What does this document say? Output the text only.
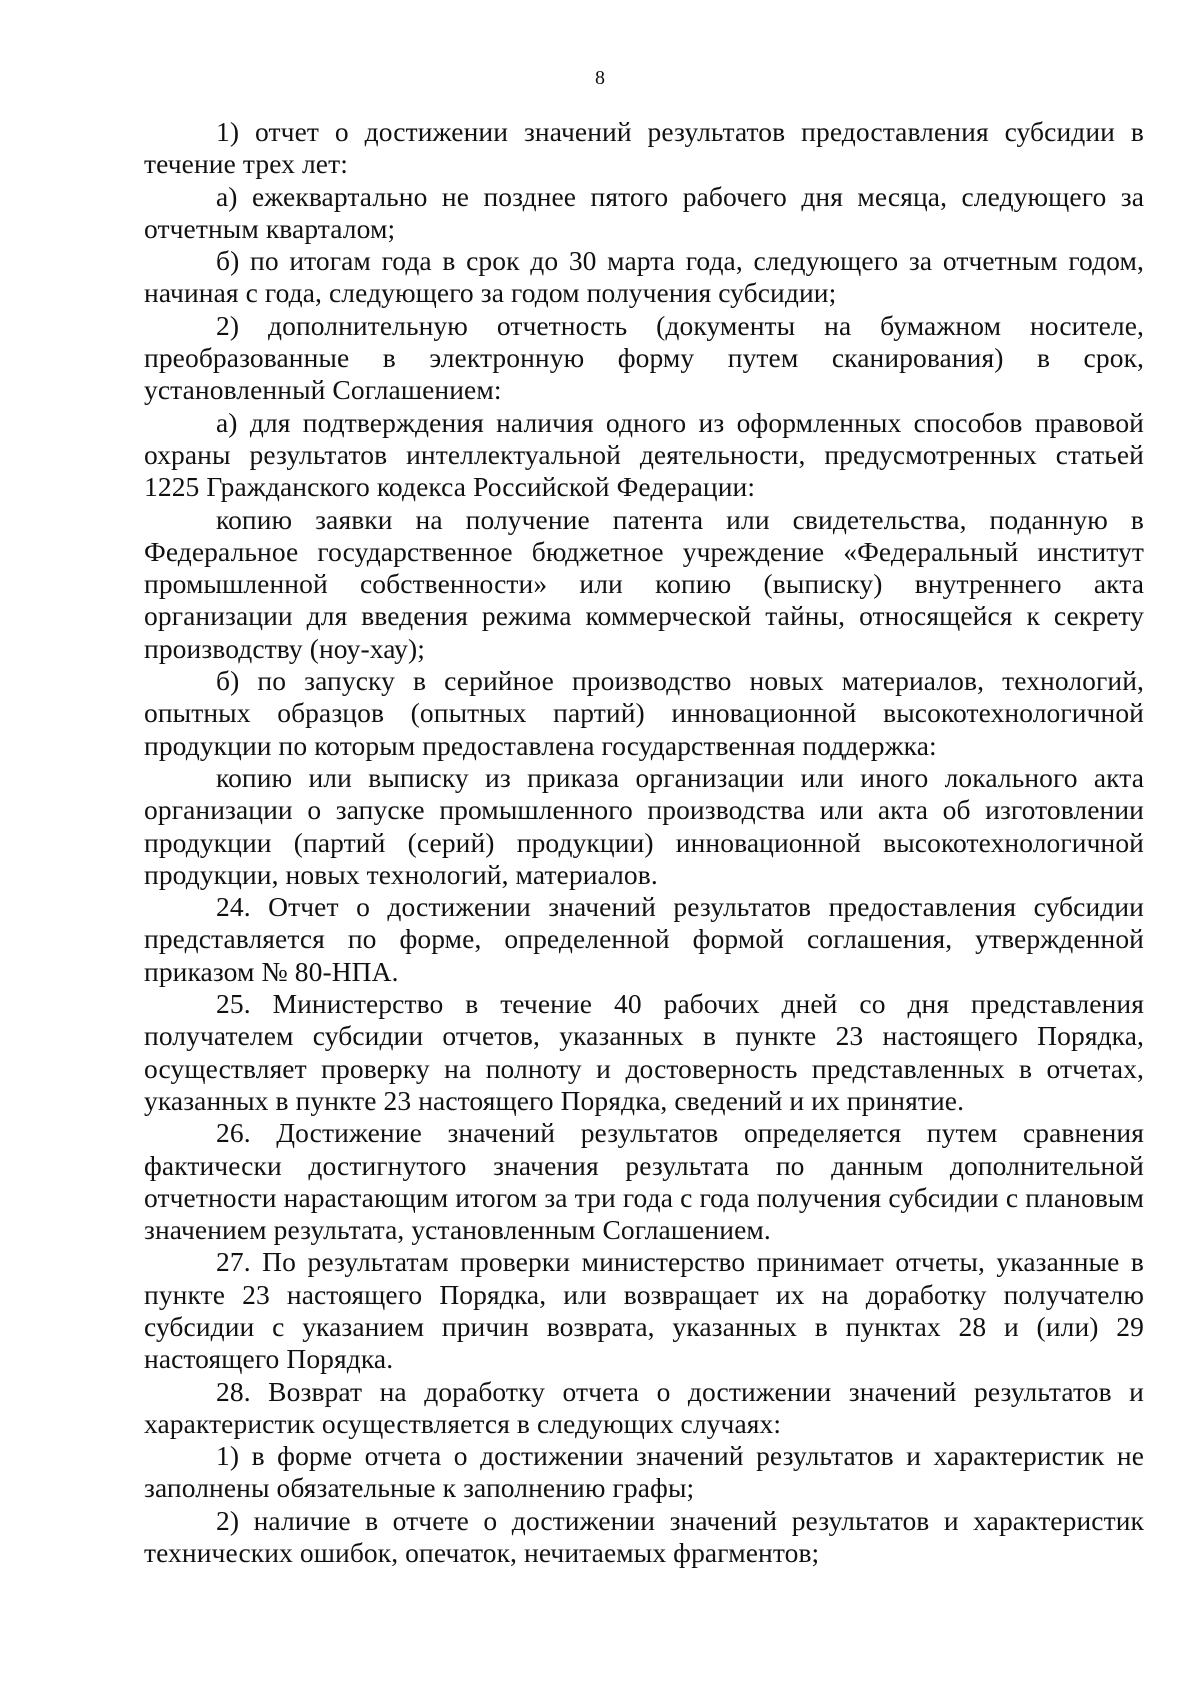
8

1) отчет о достижении значений результатов предоставления субсидии в течение трех лет:

а) ежеквартально не позднее пятого рабочего дня месяца, следующего за отчетным кварталом;

б) по итогам года в срок до 30 марта года, следующего за отчетным годом, начиная с года, следующего за годом получения субсидии;

2) дополнительную отчетность (документы на бумажном носителе, преобразованные в электронную форму путем сканирования) в срок, установленный Соглашением:

а) для подтверждения наличия одного из оформленных способов правовой охраны результатов интеллектуальной деятельности, предусмотренных статьей 1225 Гражданского кодекса Российской Федерации:

копию заявки на получение патента или свидетельства, поданную в Федеральное государственное бюджетное учреждение «Федеральный институт промышленной собственности» или копию (выписку) внутреннего акта организации для введения режима коммерческой тайны, относящейся к секрету производству (ноу-хау);

б) по запуску в серийное производство новых материалов, технологий, опытных образцов (опытных партий) инновационной высокотехнологичной продукции по которым предоставлена государственная поддержка:

копию или выписку из приказа организации или иного локального акта организации о запуске промышленного производства или акта об изготовлении продукции (партий (серий) продукции) инновационной высокотехнологичной продукции, новых технологий, материалов.

24. Отчет о достижении значений результатов предоставления субсидии представляется по форме, определенной формой соглашения, утвержденной приказом № 80-НПА.

25. Министерство в течение 40 рабочих дней со дня представления получателем субсидии отчетов, указанных в пункте 23 настоящего Порядка, осуществляет проверку на полноту и достоверность представленных в отчетах, указанных в пункте 23 настоящего Порядка, сведений и их принятие.

26. Достижение значений результатов определяется путем сравнения фактически достигнутого значения результата по данным дополнительной отчетности нарастающим итогом за три года с года получения субсидии с плановым значением результата, установленным Соглашением.

27. По результатам проверки министерство принимает отчеты, указанные в пункте 23 настоящего Порядка, или возвращает их на доработку получателю субсидии с указанием причин возврата, указанных в пунктах 28 и (или) 29 настоящего Порядка.

28. Возврат на доработку отчета о достижении значений результатов и характеристик осуществляется в следующих случаях:

1) в форме отчета о достижении значений результатов и характеристик не заполнены обязательные к заполнению графы;

2) наличие в отчете о достижении значений результатов и характеристик технических ошибок, опечаток, нечитаемых фрагментов;
